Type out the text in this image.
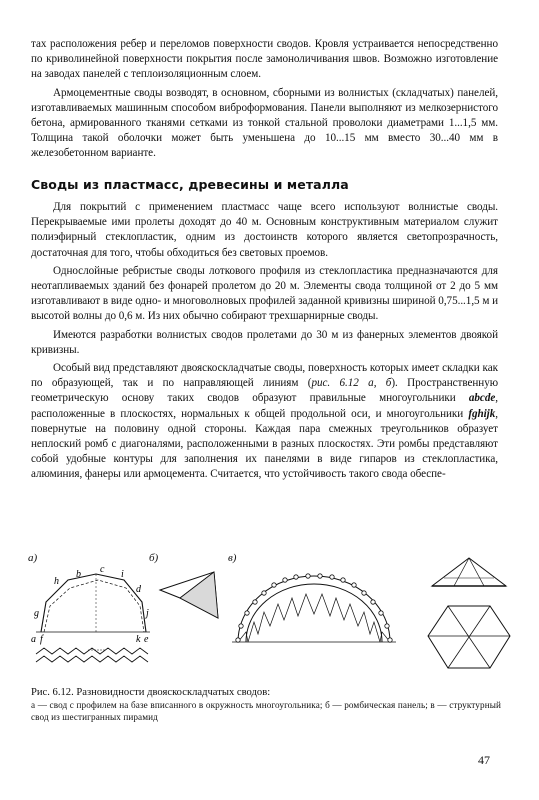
тах расположения ребер и переломов поверхности сводов. Кровля устраивается непосредственно по криволинейной поверхности покрытия после замоноличивания швов. Возможно изготовление на заводах панелей с теплоизоляционным слоем.

Армоцементные своды возводят, в основном, сборными из волнистых (складчатых) панелей, изготавливаемых машинным способом виброформования. Панели выполняют из мелкозернистого бетона, армированного тканями сетками из тонкой стальной проволоки диаметрами 1...1,5 мм. Толщина такой оболочки может быть уменьшена до 10...15 мм вместо 30...40 мм в железобетонном варианте.

Своды из пластмасс, древесины и металла

Для покрытий с применением пластмасс чаще всего используют волнистые своды. Перекрываемые ими пролеты доходят до 40 м. Основным конструктивным материалом служит полиэфирный стеклопластик, одним из достоинств которого является светопрозрачность, достаточная для того, чтобы обходиться без световых проемов.

Однослойные ребристые своды лоткового профиля из стеклопластика предназначаются для неотапливаемых зданий без фонарей пролетом до 20 м. Элементы свода толщиной от 2 до 5 мм изготавливают в виде одно- и многоволновых профилей заданной кривизны шириной 0,75...1,5 м и высотой волны до 0,6 м. Из них обычно собирают трехшарнирные своды.

Имеются разработки волнистых сводов пролетами до 30 м из фанерных элементов двоякой кривизны.

Особый вид представляют двояскоскладчатые своды, поверхность которых имеет складки как по образующей, так и по направляющей линиям (рис. 6.12 а, б). Пространственную геометрическую основу таких сводов образуют правильные многоугольники abcde, расположенные в плоскостях, нормальных к общей продольной оси, и многоугольники fghijk, повернутые на половину одной стороны. Каждая пара смежных треугольников образует неплоский ромб с диагоналями, расположенными в разных плоскостях. Эти ромбы представляют собой удобные контуры для заполнения их панелями в виде гипаров из стеклопластика, алюминия, фанеры или армоцемента. Считается, что устойчивость такого свода обеспе-

а)
a f
g
h
b c i
d
j
k e
б)	в)

Рис. 6.12. Разновидности двояскоскладчатых сводов:

а — свод с профилем на базе вписанного в окружность многоугольника; б — ромбическая панель; в — структурный свод из шестигранных пирамид

47
